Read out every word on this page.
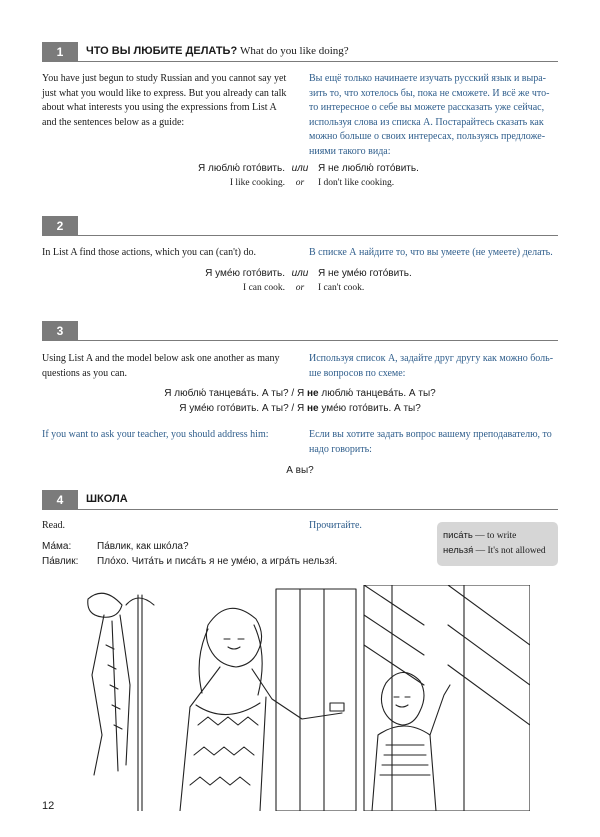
1	ЧТО ВЫ ЛЮБИТЕ ДЕЛАТЬ? What do you like doing?
You have just begun to study Russian and you cannot say yet
just what you would like to express. But you already can talk
about what interests you using the expressions from List A
and the sentences below as a guide:
Вы ещё только начинаете изучать русский язык и выра-
зить то, что хотелось бы, пока не сможете. И всё же что-
то интересное о себе вы можете рассказать уже сейчас,
используя слова из списка А. Постарайтесь сказать как
можно больше о своих интересах, пользуясь предложе-
ниями такого вида:
Я люблю́ гото́вить. или Я не люблю́ гото́вить.
I like cooking.	or	I don't like cooking.
2
In List A find those actions, which you can (can't) do.	В списке А найдите то, что вы умеете (не умеете) делать.
Я уме́ю гото́вить. или Я не уме́ю гото́вить.
I can cook.	or	I can't cook.
3
Using List A and the model below ask one another as many
questions as you can.
Используя список А, задайте друг другу как можно боль-
ше вопросов по схеме:
Я люблю́ танцева́ть. А ты? / Я не люблю́ танцева́ть. А ты?
Я уме́ю гото́вить. А ты? / Я не уме́ю гото́вить. А ты?
If you want to ask your teacher, you should address him:	Если вы хотите задать вопрос вашему преподавателю, то
надо говорить:
А вы?
4	ШКОЛА
Read.	Прочитайте.
Ма́ма:	Па́влик, как шко́ла?
Па́влик: Пло́хо. Чита́ть и писа́ть я не уме́ю, а игра́ть нельзя́.
писа́ть — to write
нельзя́ — It's not allowed
12
